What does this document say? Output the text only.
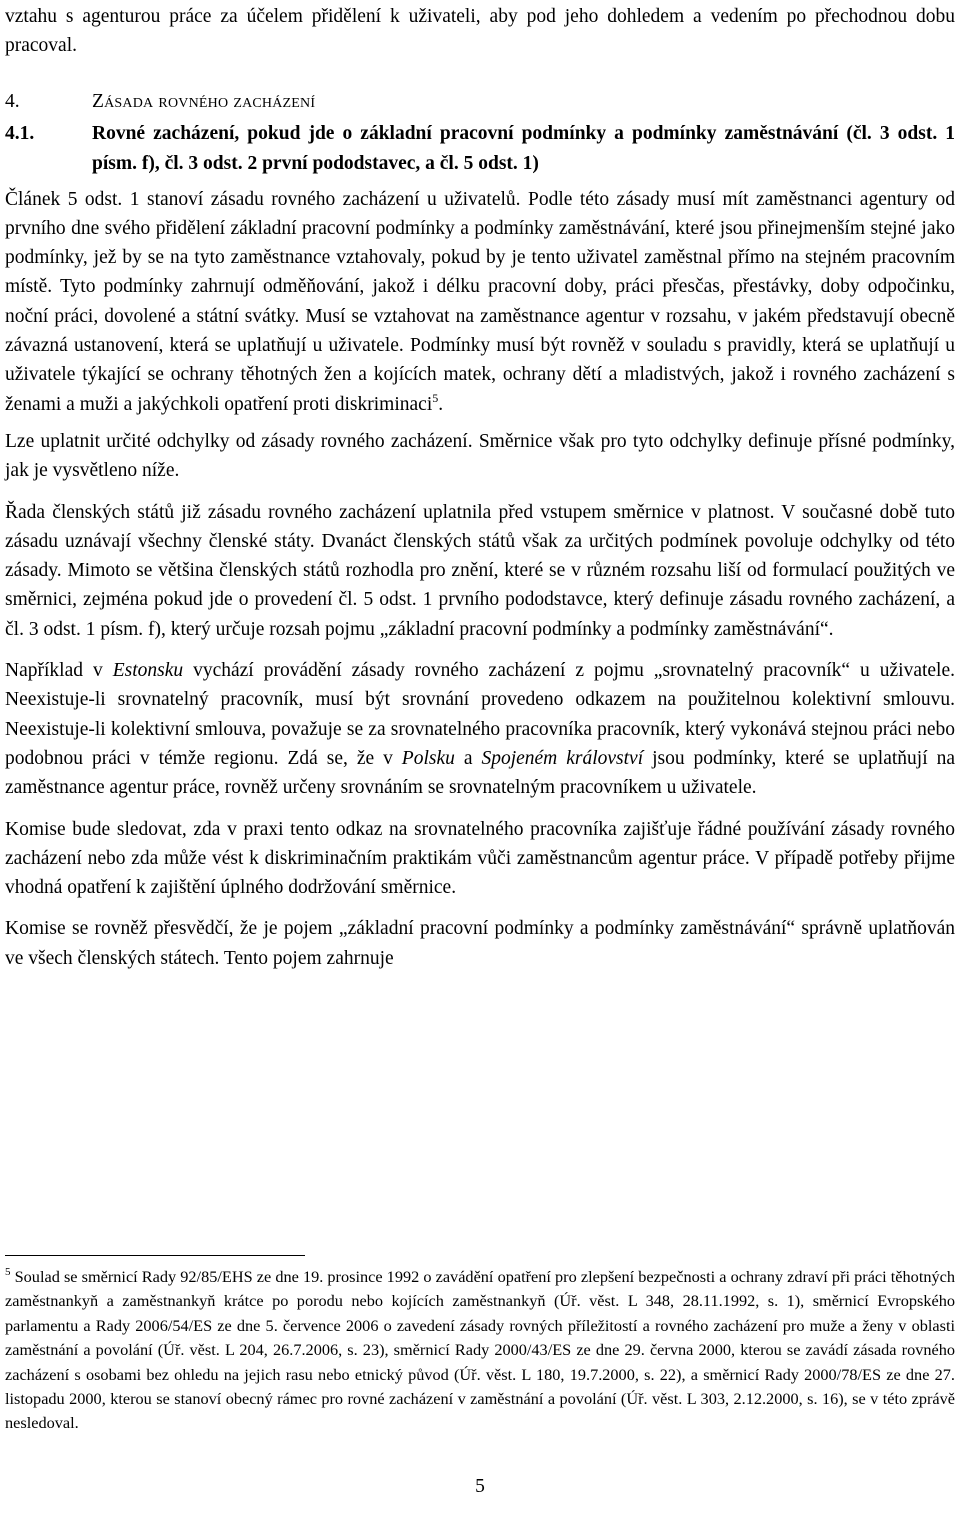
vztahu s agenturou práce za účelem přidělení k uživateli, aby pod jeho dohledem a vedením po přechodnou dobu pracoval.

4.	Zásada rovného zacházení
4.1.	Rovné zacházení, pokud jde o základní pracovní podmínky a podmínky zaměstnávání (čl. 3 odst. 1 písm. f), čl. 3 odst. 2 první pododstavec, a čl. 5 odst. 1)

Článek 5 odst. 1 stanoví zásadu rovného zacházení u uživatelů. Podle této zásady musí mít zaměstnanci agentury od prvního dne svého přidělení základní pracovní podmínky a podmínky zaměstnávání, které jsou přinejmenším stejné jako podmínky, jež by se na tyto zaměstnance vztahovaly, pokud by je tento uživatel zaměstnal přímo na stejném pracovním místě. Tyto podmínky zahrnují odměňování, jakož i délku pracovní doby, práci přesčas, přestávky, doby odpočinku, noční práci, dovolené a státní svátky. Musí se vztahovat na zaměstnance agentur v rozsahu, v jakém představují obecně závazná ustanovení, která se uplatňují u uživatele. Podmínky musí být rovněž v souladu s pravidly, která se uplatňují u uživatele týkající se ochrany těhotných žen a kojících matek, ochrany dětí a mladistvých, jakož i rovného zacházení s ženami a muži a jakýchkoli opatření proti diskriminaci$^5$.

Lze uplatnit určité odchylky od zásady rovného zacházení. Směrnice však pro tyto odchylky definuje přísné podmínky, jak je vysvětleno níže.

Řada členských států již zásadu rovného zacházení uplatnila před vstupem směrnice v platnost. V současné době tuto zásadu uznávají všechny členské státy. Dvanáct členských států však za určitých podmínek povoluje odchylky od této zásady. Mimoto se většina členských států rozhodla pro znění, které se v různém rozsahu liší od formulací použitých ve směrnici, zejména pokud jde o provedení čl. 5 odst. 1 prvního pododstavce, který definuje zásadu rovného zacházení, a čl. 3 odst. 1 písm. f), který určuje rozsah pojmu „základní pracovní podmínky a podmínky zaměstnávání“.

Například v Estonsku vychází provádění zásady rovného zacházení z pojmu „srovnatelný pracovník“ u uživatele. Neexistuje-li srovnatelný pracovník, musí být srovnání provedeno odkazem na použitelnou kolektivní smlouvu. Neexistuje-li kolektivní smlouva, považuje se za srovnatelného pracovníka pracovník, který vykonává stejnou práci nebo podobnou práci v témže regionu. Zdá se, že v Polsku a Spojeném království jsou podmínky, které se uplatňují na zaměstnance agentur práce, rovněž určeny srovnáním se srovnatelným pracovníkem u uživatele.

Komise bude sledovat, zda v praxi tento odkaz na srovnatelného pracovníka zajišťuje řádné používání zásady rovného zacházení nebo zda může vést k diskriminačním praktikám vůči zaměstnancům agentur práce. V případě potřeby přijme vhodná opatření k zajištění úplného dodržování směrnice.

Komise se rovněž přesvědčí, že je pojem „základní pracovní podmínky a podmínky zaměstnávání“ správně uplatňován ve všech členských státech. Tento pojem zahrnuje

$^5$ Soulad se směrnicí Rady 92/85/EHS ze dne 19. prosince 1992 o zavádění opatření pro zlepšení bezpečnosti a ochrany zdraví při práci těhotných zaměstnankyň a zaměstnankyň krátce po porodu nebo kojících zaměstnankyň (Úř. věst. L 348, 28.11.1992, s. 1), směrnicí Evropského parlamentu a Rady 2006/54/ES ze dne 5. července 2006 o zavedení zásady rovných příležitostí a rovného zacházení pro muže a ženy v oblasti zaměstnání a povolání (Úř. věst. L 204, 26.7.2006, s. 23), směrnicí Rady 2000/43/ES ze dne 29. června 2000, kterou se zavádí zásada rovného zacházení s osobami bez ohledu na jejich rasu nebo etnický původ (Úř. věst. L 180, 19.7.2000, s. 22), a směrnicí Rady 2000/78/ES ze dne 27. listopadu 2000, kterou se stanoví obecný rámec pro rovné zacházení v zaměstnání a povolání (Úř. věst. L 303, 2.12.2000, s. 16), se v této zprávě nesledoval.

5
